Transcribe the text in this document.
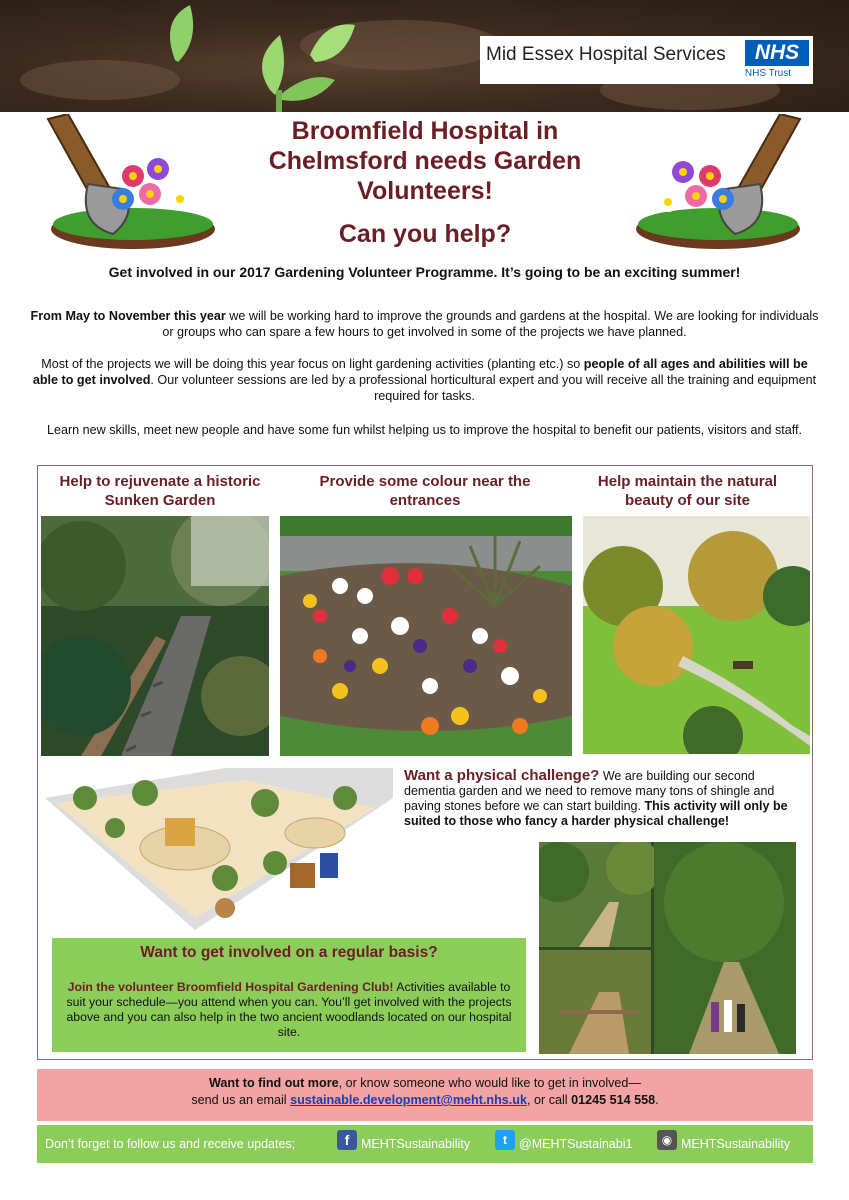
Mid Essex Hospital Services	NHS
NHS Trust
Broomfield Hospital in Chelmsford needs Garden Volunteers!
Can you help?
Get involved in our 2017 Gardening Volunteer Programme. It’s going to be an exciting summer!
From May to November this year we will be working hard to improve the grounds and gardens at the hospital. We are looking for individuals or groups who can spare a few hours to get involved in some of the projects we have planned.
Most of the projects we will be doing this year focus on light gardening activities (planting etc.) so people of all ages and abilities will be able to get involved. Our volunteer sessions are led by a professional horticultural expert and you will receive all the training and equipment required for tasks.
Learn new skills, meet new people and have some fun whilst helping us to improve the hospital to benefit our patients, visitors and staff.
Help to rejuvenate a historic Sunken Garden
Provide some colour near the entrances
Help maintain the natural beauty of our site
Want a physical challenge? We are building our second dementia garden and we need to remove many tons of shingle and paving stones before we can start building. This activity will only be suited to those who fancy a harder physical challenge!
Want to get involved on a regular basis?
Join the volunteer Broomfield Hospital Gardening Club! Activities available to suit your schedule—you attend when you can. You’ll get involved with the projects above and you can also help in the two ancient woodlands located on our hospital site.
Want to find out more, or know someone who would like to get in involved—
send us an email sustainable.development@meht.nhs.uk, or call 01245 514 558.
Don’t forget to follow us and receive updates;	f MEHTSustainability	t @MEHTSustainabi1	◉ MEHTSustainability
